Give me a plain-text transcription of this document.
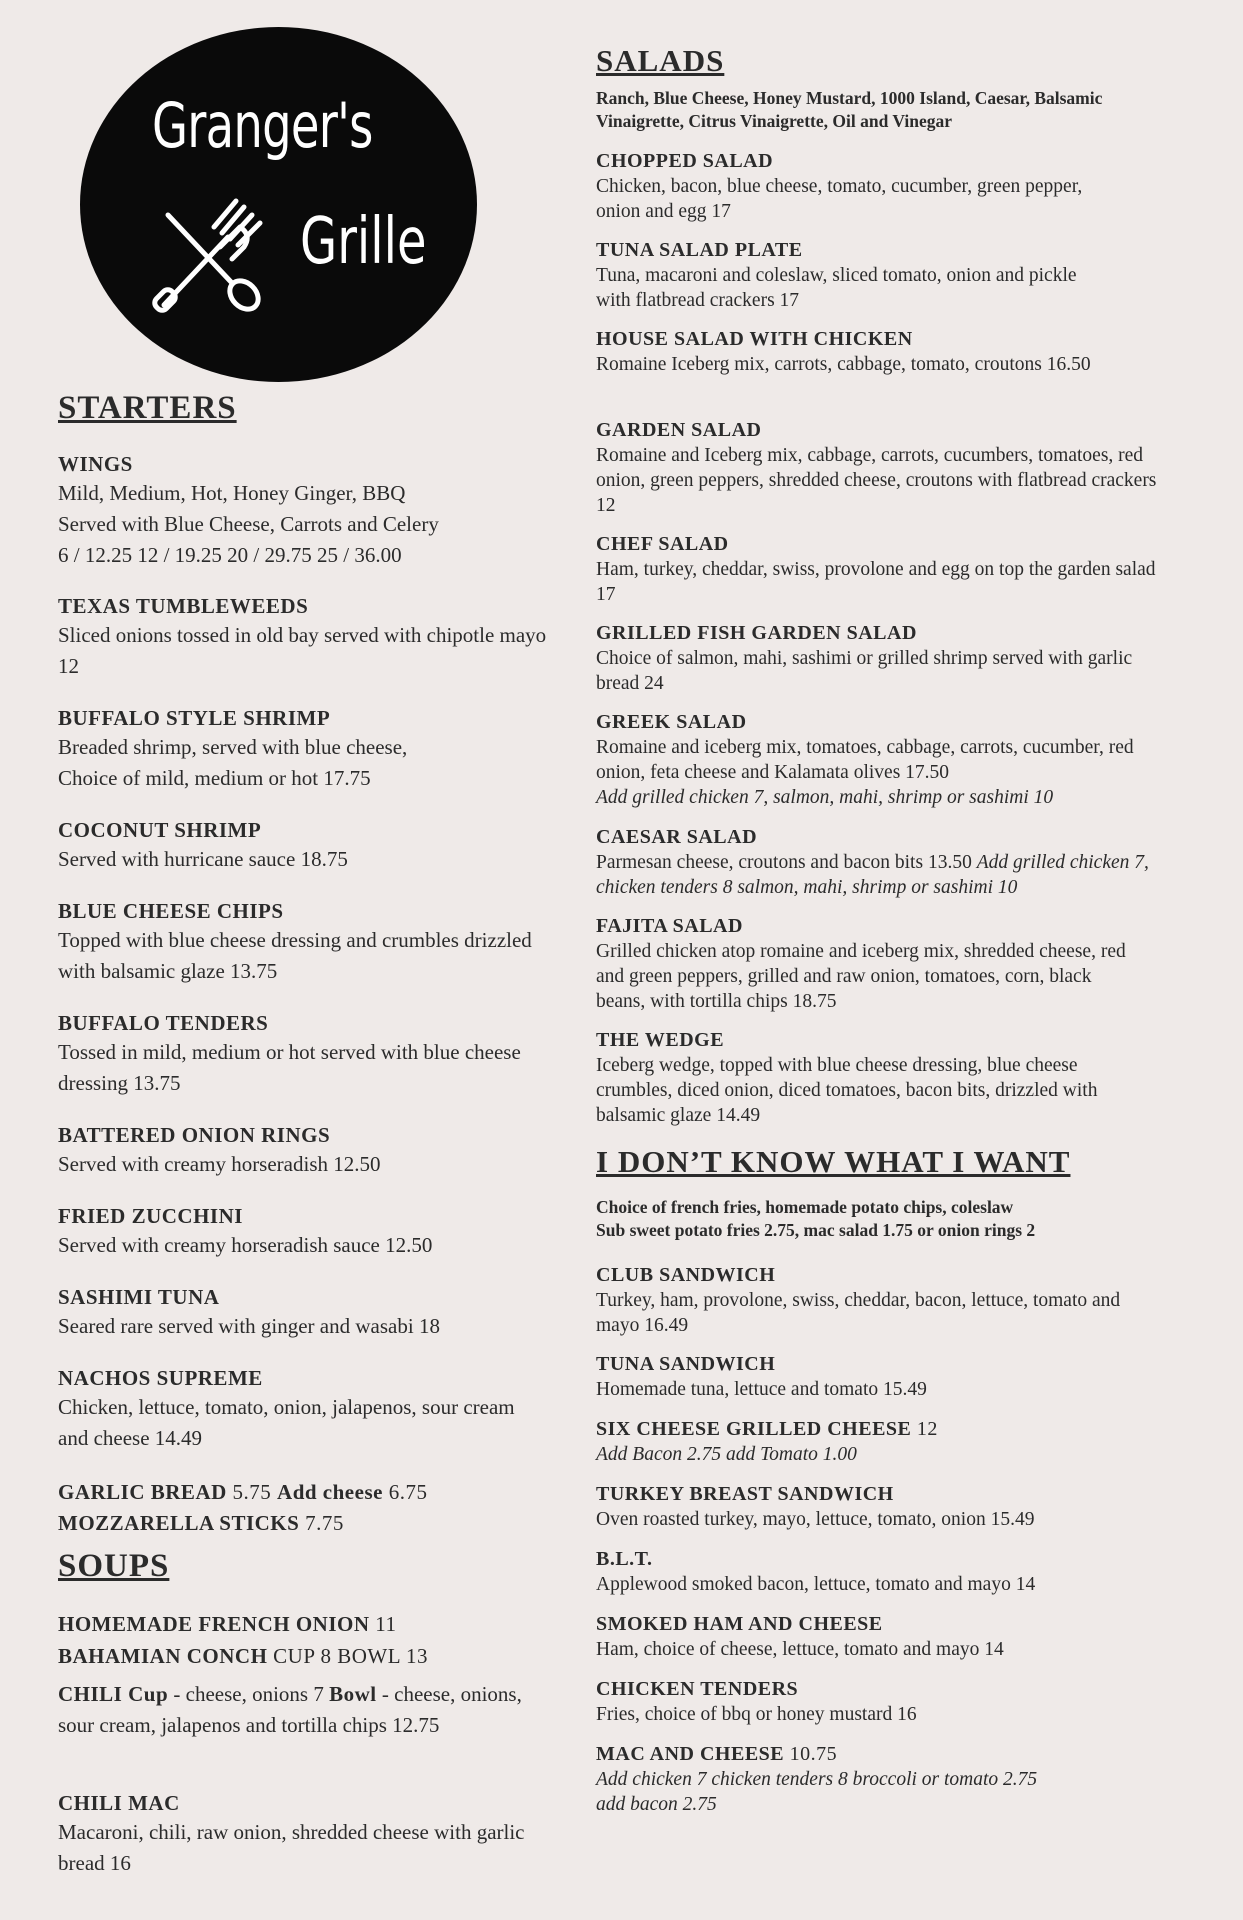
Granger's
Grille
STARTERS
WINGS
Mild, Medium, Hot, Honey Ginger, BBQ
Served with Blue Cheese, Carrots and Celery
6 / 12.25 12 / 19.25 20 / 29.75 25 / 36.00
TEXAS TUMBLEWEEDS
Sliced onions tossed in old bay served with chipotle mayo 12
BUFFALO STYLE SHRIMP
Breaded shrimp, served with blue cheese, Choice of mild, medium or hot 17.75
COCONUT SHRIMP
Served with hurricane sauce 18.75
BLUE CHEESE CHIPS
Topped with blue cheese dressing and crumbles drizzled with balsamic glaze 13.75
BUFFALO TENDERS
Tossed in mild, medium or hot served with blue cheese dressing 13.75
BATTERED ONION RINGS
Served with creamy horseradish 12.50
FRIED ZUCCHINI
Served with creamy horseradish sauce 12.50
SASHIMI TUNA
Seared rare served with ginger and wasabi 18
NACHOS SUPREME
Chicken, lettuce, tomato, onion, jalapenos, sour cream and cheese 14.49
GARLIC BREAD 5.75 Add cheese 6.75
MOZZARELLA STICKS 7.75
SOUPS
HOMEMADE FRENCH ONION 11
BAHAMIAN CONCH CUP 8 BOWL 13
CHILI Cup - cheese, onions 7 Bowl - cheese, onions, sour cream, jalapenos and tortilla chips 12.75
CHILI MAC
Macaroni, chili, raw onion, shredded cheese with garlic bread 16
SALADS
Ranch, Blue Cheese, Honey Mustard, 1000 Island, Caesar, Balsamic Vinaigrette, Citrus Vinaigrette, Oil and Vinegar
CHOPPED SALAD
Chicken, bacon, blue cheese, tomato, cucumber, green pepper, onion and egg 17
TUNA SALAD PLATE
Tuna, macaroni and coleslaw, sliced tomato, onion and pickle with flatbread crackers 17
HOUSE SALAD WITH CHICKEN
Romaine Iceberg mix, carrots, cabbage, tomato, croutons 16.50
GARDEN SALAD
Romaine and Iceberg mix, cabbage, carrots, cucumbers, tomatoes, red onion, green peppers, shredded cheese, croutons with flatbread crackers 12
CHEF SALAD
Ham, turkey, cheddar, swiss, provolone and egg on top the garden salad 17
GRILLED FISH GARDEN SALAD
Choice of salmon, mahi, sashimi or grilled shrimp served with garlic bread 24
GREEK SALAD
Romaine and iceberg mix, tomatoes, cabbage, carrots, cucumber, red onion, feta cheese and Kalamata olives 17.50
Add grilled chicken 7, salmon, mahi, shrimp or sashimi 10
CAESAR SALAD
Parmesan cheese, croutons and bacon bits 13.50 Add grilled chicken 7, chicken tenders 8 salmon, mahi, shrimp or sashimi 10
FAJITA SALAD
Grilled chicken atop romaine and iceberg mix, shredded cheese, red and green peppers, grilled and raw onion, tomatoes, corn, black beans, with tortilla chips 18.75
THE WEDGE
Iceberg wedge, topped with blue cheese dressing, blue cheese crumbles, diced onion, diced tomatoes, bacon bits, drizzled with balsamic glaze 14.49
I DON’T KNOW WHAT I WANT
Choice of french fries, homemade potato chips, coleslaw
Sub sweet potato fries 2.75, mac salad 1.75 or onion rings 2
CLUB SANDWICH
Turkey, ham, provolone, swiss, cheddar, bacon, lettuce, tomato and mayo 16.49
TUNA SANDWICH
Homemade tuna, lettuce and tomato 15.49
SIX CHEESE GRILLED CHEESE 12
Add Bacon 2.75 add Tomato 1.00
TURKEY BREAST SANDWICH
Oven roasted turkey, mayo, lettuce, tomato, onion 15.49
B.L.T.
Applewood smoked bacon, lettuce, tomato and mayo 14
SMOKED HAM AND CHEESE
Ham, choice of cheese, lettuce, tomato and mayo 14
CHICKEN TENDERS
Fries, choice of bbq or honey mustard 16
MAC AND CHEESE 10.75
Add chicken 7 chicken tenders 8 broccoli or tomato 2.75
add bacon 2.75
